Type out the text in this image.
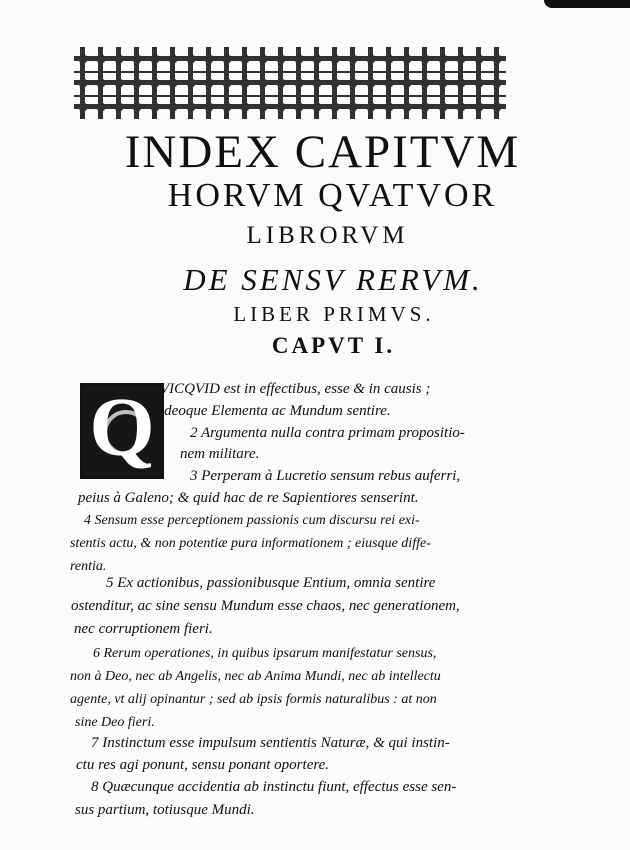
INDEX CAPITVM
HORVM QVATVOR
LIBRORVM
DE SENSV RERVM.
LIBER PRIMVS.
CAPVT I.
Q VICQVID est in effectibus, esse & in causis ;
ideoque Elementa ac Mundum sentire.
2 Argumenta nulla contra primam propositio-
nem militare.
3 Perperam à Lucretio sensum rebus auferri,
peius à Galeno; & quid hac de re Sapientiores senserint.
4 Sensum esse perceptionem passionis cum discursu rei exi-
stentis actu, & non potentiæ pura informationem ; eiusque diffe-
rentia.
5 Ex actionibus, passionibusque Entium, omnia sentire
ostenditur, ac sine sensu Mundum esse chaos, nec generationem,
nec corruptionem fieri.
6 Rerum operationes, in quibus ipsarum manifestatur sensus,
non à Deo, nec ab Angelis, nec ab Anima Mundi, nec ab intellectu
agente, vt alij opinantur ; sed ab ipsis formis naturalibus : at non
sine Deo fieri.
7 Instinctum esse impulsum sentientis Naturæ, & qui instin-
ctu res agi ponunt, sensu ponant oportere.
8 Quæcunque accidentia ab instinctu fiunt, effectus esse sen-
sus partium, totiusque Mundi.
